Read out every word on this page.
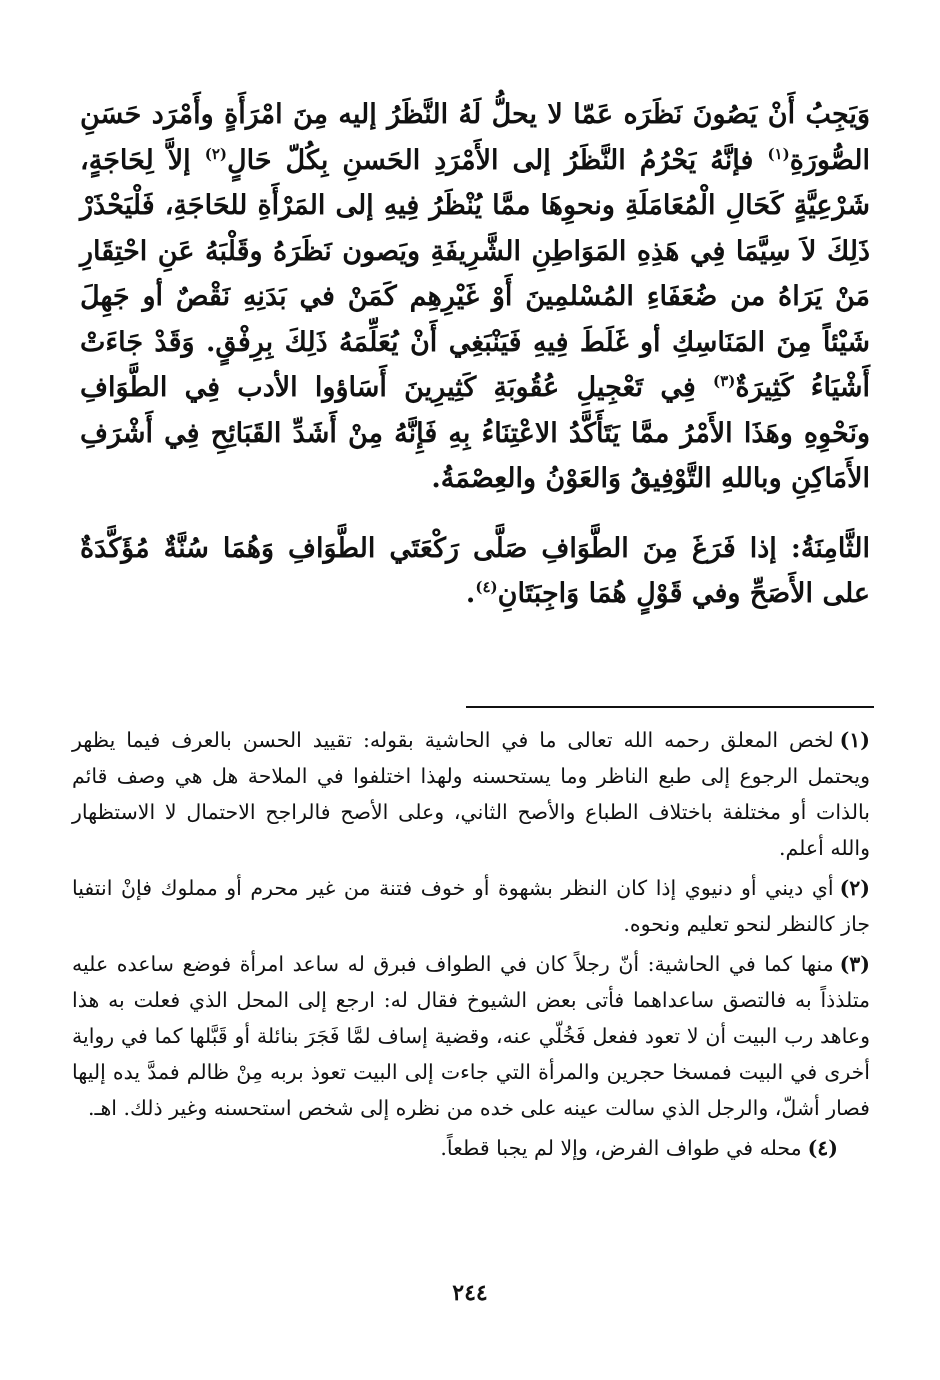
وَيَجِبُ أَنْ يَصُونَ نَظَرَه عَمّا لا يحلُّ لَهُ النَّظَرُ إليه مِنَ امْرَأَةٍ وأَمْرَد حَسَنِ الصُّورَةِ$^{(١)}$ فإنَّهُ يَحْرُمُ النَّظَرُ إلى الأَمْرَدِ الحَسنِ بِكُلّ حَالٍ$^{(٢)}$ إلاَّ لِحَاجَةٍ، شَرْعِيَّةٍ كَحَالِ الْمُعَامَلَةِ ونحوِهَا ممَّا يُنْظَرُ فِيهِ إلى المَرْأَةِ للحَاجَةِ، فَلْيَحْذَرْ ذَلِكَ لاَ سِيَّمَا فِي هَذِهِ المَوَاطِنِ الشَّرِيفَةِ ويَصون نَظَرَهُ وقَلْبَهُ عَنِ احْتِقَارِ مَنْ يَرَاهُ من ضُعَفَاءِ المُسْلمِينَ أَوْ غَيْرِهِم كَمَنْ في بَدَنِهِ نَقْصٌ أو جَهِلَ شَيْئاً مِنَ المَنَاسِكِ أو غَلَطَ فِيهِ فَيَنْبَغِي أَنْ يُعَلِّمَهُ ذَلِكَ بِرِفْقٍ. وَقَدْ جَاءَتْ أَشْيَاءُ كَثِيرَةٌ$^{(٣)}$ فِي تَعْجِيلِ عُقُوبَةِ كَثِيرِينَ أَسَاؤوا الأدب فِي الطَّوَافِ ونَحْوِهِ وهَذَا الأَمْرُ ممَّا يَتَأَكَّدُ الاعْتِنَاءُ بِهِ فَإِنَّهُ مِنْ أَشَدِّ القَبَائِحِ فِي أَشْرَفِ الأَمَاكِنِ وباللهِ التَّوْفِيقُ وَالعَوْنُ والعِصْمَةُ.

الثَّامِنَةُ: إذا فَرَغَ مِنَ الطَّوَافِ صَلَّى رَكْعَتَي الطَّوَافِ وَهُمَا سُنَّةٌ مُؤَكَّدَةٌ على الأَصَحِّ وفي قَوْلٍ هُمَا وَاجِبَتَانِ$^{(٤)}$.

(١)لخص المعلق رحمه الله تعالى ما في الحاشية بقوله: تقييد الحسن بالعرف فيما يظهر ويحتمل الرجوع إلى طبع الناظر وما يستحسنه ولهذا اختلفوا في الملاحة هل هي وصف قائم بالذات أو مختلفة باختلاف الطباع والأصح الثاني، وعلى الأصح فالراجح الاحتمال لا الاستظهار والله أعلم.

(٢)أي ديني أو دنيوي إذا كان النظر بشهوة أو خوف فتنة من غير محرم أو مملوك فإنْ انتفيا جاز كالنظر لنحو تعليم ونحوه.

(٣)منها كما في الحاشية: أنّ رجلاً كان في الطواف فبرق له ساعد امرأة فوضع ساعده عليه متلذذاً به فالتصق ساعداهما فأتى بعض الشيوخ فقال له: ارجع إلى المحل الذي فعلت به هذا وعاهد رب البيت أن لا تعود ففعل فَخُلّي عنه، وقضية إساف لمَّا فَجَرَ بنائلة أو قَبَّلها كما في رواية أخرى في البيت فمسخا حجرين والمرأة التي جاءت إلى البيت تعوذ بربه مِنْ ظالم فمدَّ يده إليها فصار أشلّ، والرجل الذي سالت عينه على خده من نظره إلى شخص استحسنه وغير ذلك. اهـ.

(٤)محله في طواف الفرض، وإلا لم يجبا قطعاً.

٢٤٤
